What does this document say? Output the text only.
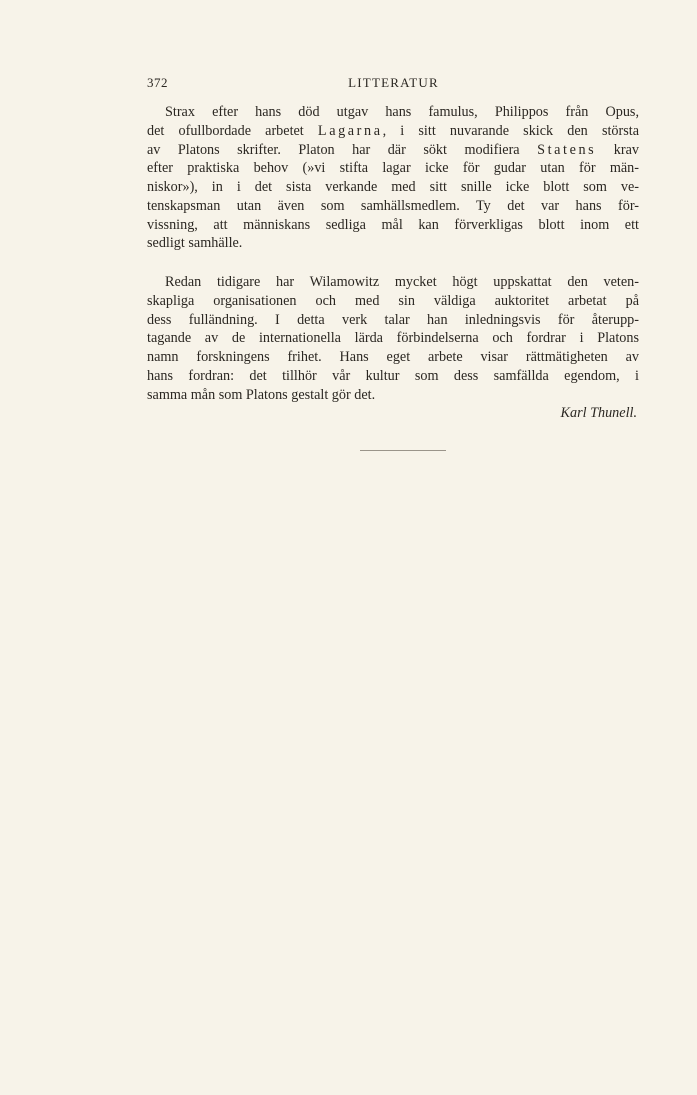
372	LITTERATUR

Strax efter hans död utgav hans famulus, Philippos från Opus,
det ofullbordade arbetet Lagarna, i sitt nuvarande skick den största
av Platons skrifter. Platon har där sökt modifiera Statens krav
efter praktiska behov (»vi stifta lagar icke för gudar utan för män-
niskor»), in i det sista verkande med sitt snille icke blott som ve-
tenskapsman utan även som samhällsmedlem. Ty det var hans för-
vissning, att människans sedliga mål kan förverkligas blott inom ett
sedligt samhälle.

Redan tidigare har Wilamowitz mycket högt uppskattat den veten-
skapliga organisationen och med sin väldiga auktoritet arbetat på
dess fulländning. I detta verk talar han inledningsvis för återupp-
tagande av de internationella lärda förbindelserna och fordrar i Platons
namn forskningens frihet. Hans eget arbete visar rättmätigheten av
hans fordran: det tillhör vår kultur som dess samfällda egendom, i
samma mån som Platons gestalt gör det.

Karl Thunell.
